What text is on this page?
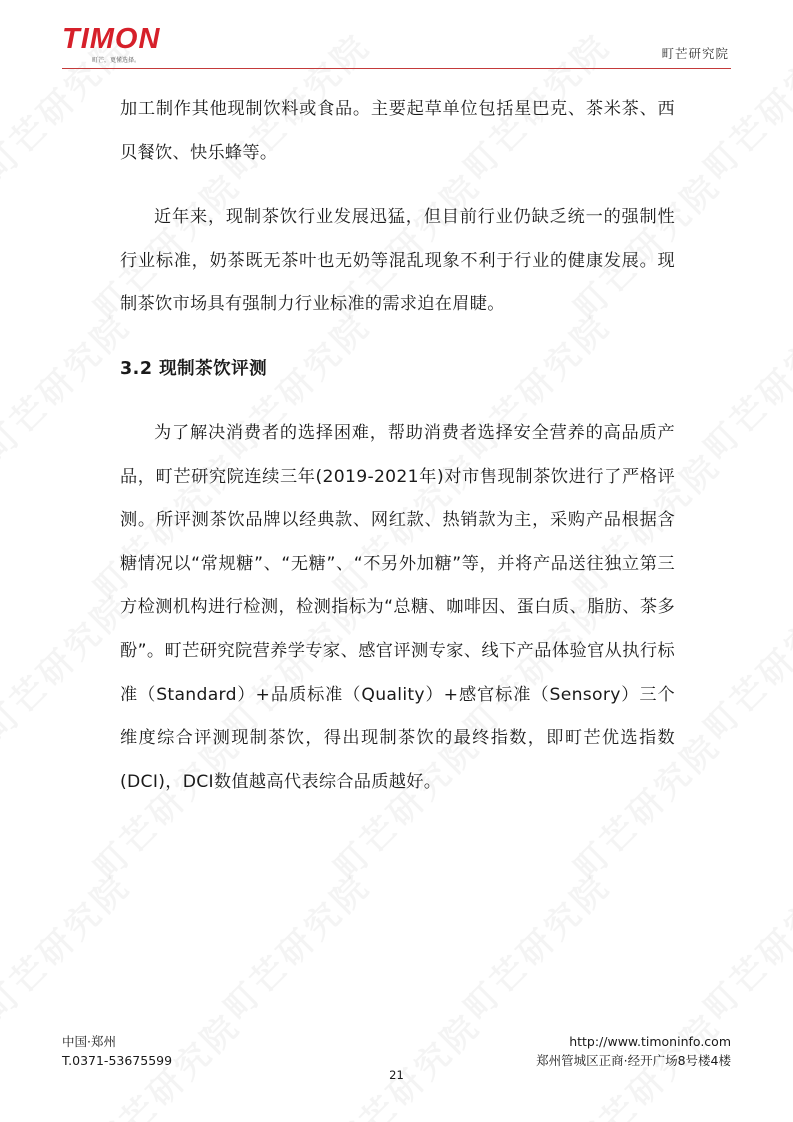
TIMON
町芒，更懂选择。	町芒研究院

加工制作其他现制饮料或食品。主要起草单位包括星巴克、茶米茶、西贝餐饮、快乐蜂等。

近年来，现制茶饮行业发展迅猛，但目前行业仍缺乏统一的强制性行业标准，奶茶既无茶叶也无奶等混乱现象不利于行业的健康发展。现制茶饮市场具有强制力行业标准的需求迫在眉睫。

3.2 现制茶饮评测

为了解决消费者的选择困难，帮助消费者选择安全营养的高品质产品，町芒研究院连续三年(2019-2021年)对市售现制茶饮进行了严格评测。所评测茶饮品牌以经典款、网红款、热销款为主，采购产品根据含糖情况以“常规糖”、“无糖”、“不另外加糖”等，并将产品送往独立第三方检测机构进行检测，检测指标为“总糖、咖啡因、蛋白质、脂肪、茶多酚”。町芒研究院营养学专家、感官评测专家、线下产品体验官从执行标准（Standard）+品质标准（Quality）+感官标准（Sensory）三个维度综合评测现制茶饮，得出现制茶饮的最终指数，即町芒优选指数(DCI)，DCI数值越高代表综合品质越好。

中国·郑州
T.0371-53675599
21
http://www.timoninfo.com
郑州管城区正商·经开广场8号楼4楼
